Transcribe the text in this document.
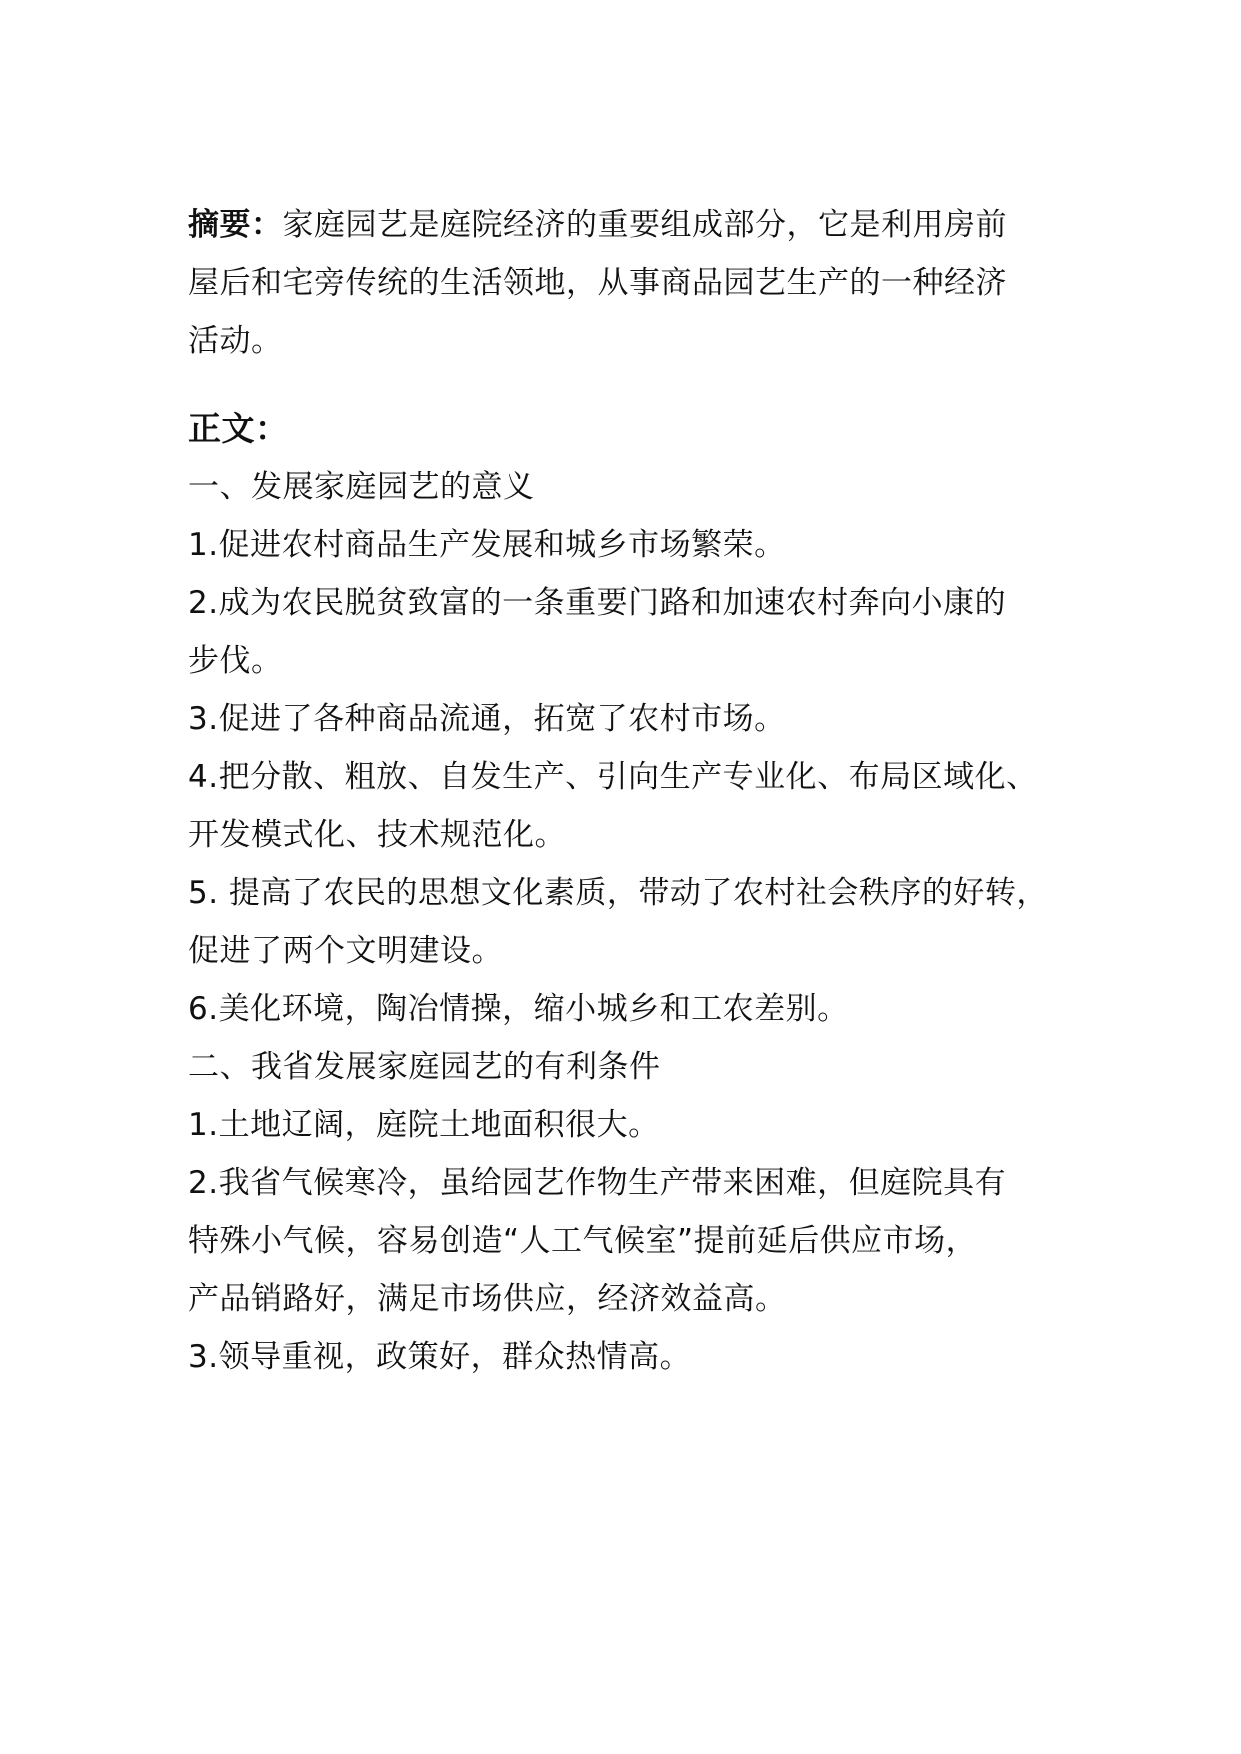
摘要：家庭园艺是庭院经济的重要组成部分，它是利用房前
屋后和宅旁传统的生活领地，从事商品园艺生产的一种经济
活动。
正文：
一、发展家庭园艺的意义
1.促进农村商品生产发展和城乡市场繁荣。
2.成为农民脱贫致富的一条重要门路和加速农村奔向小康的
步伐。
3.促进了各种商品流通，拓宽了农村市场。
4.把分散、粗放、自发生产、引向生产专业化、布局区域化、
开发模式化、技术规范化。
5. 提高了农民的思想文化素质，带动了农村社会秩序的好转，
促进了两个文明建设。
6.美化环境，陶冶情操，缩小城乡和工农差别。
二、我省发展家庭园艺的有利条件
1.土地辽阔，庭院土地面积很大。
2.我省气候寒冷，虽给园艺作物生产带来困难，但庭院具有
特殊小气候，容易创造“人工气候室”提前延后供应市场，
产品销路好，满足市场供应，经济效益高。
3.领导重视，政策好，群众热情高。
